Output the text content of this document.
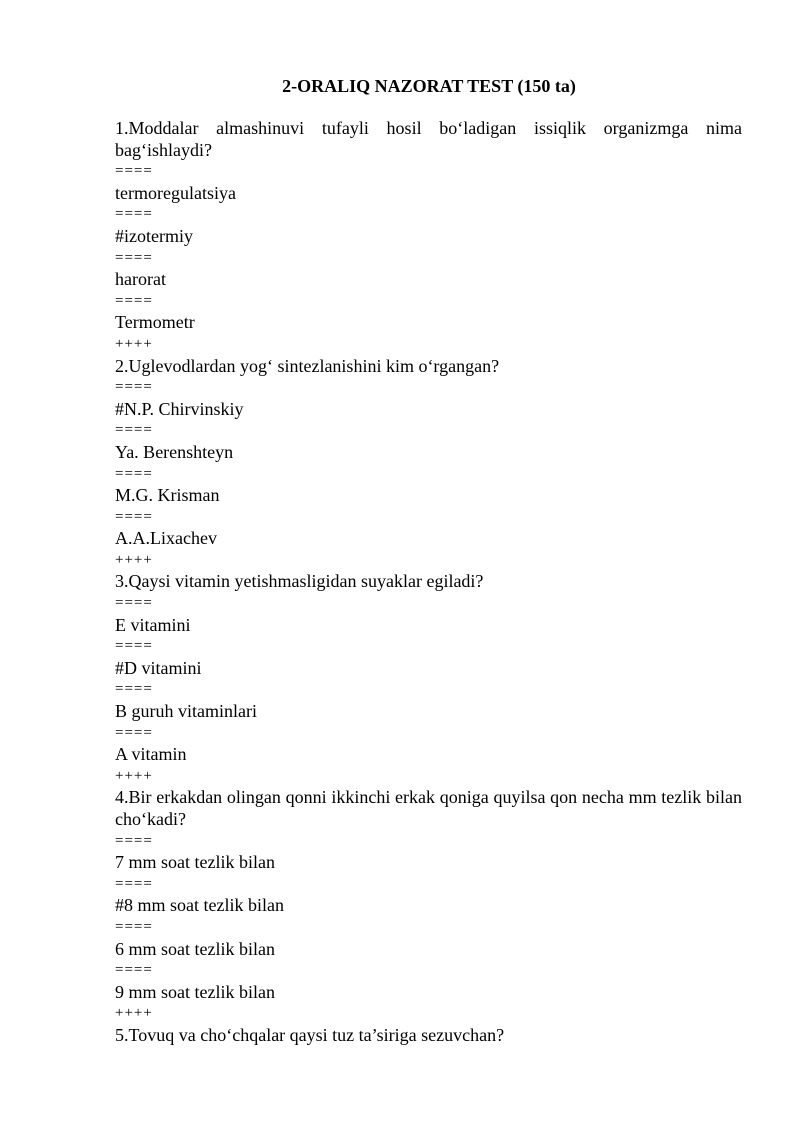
2-ORALIQ NAZORAT TEST (150 ta)
1.Moddalar almashinuvi tufayli hosil bo‘ladigan issiqlik organizmga nima bag‘ishlaydi?
====
termoregulatsiya
====
#izotermiy
====
harorat
====
Termometr
++++
2.Uglevodlardan yog‘ sintezlanishini kim o‘rgangan?
====
#N.P. Chirvinskiy
====
Ya. Berenshteyn
====
M.G. Krisman
====
A.A.Lixachev
++++
3.Qaysi vitamin yetishmasligidan suyaklar egiladi?
====
E vitamini
====
#D vitamini
====
B guruh vitaminlari
====
A vitamin
++++
4.Bir erkakdan olingan qonni ikkinchi erkak qoniga quyilsa qon necha mm tezlik bilan cho‘kadi?
====
7 mm soat tezlik bilan
====
#8 mm soat tezlik bilan
====
6 mm soat tezlik bilan
====
9 mm soat tezlik bilan
++++
5.Tovuq va cho‘chqalar qaysi tuz ta’siriga sezuvchan?
